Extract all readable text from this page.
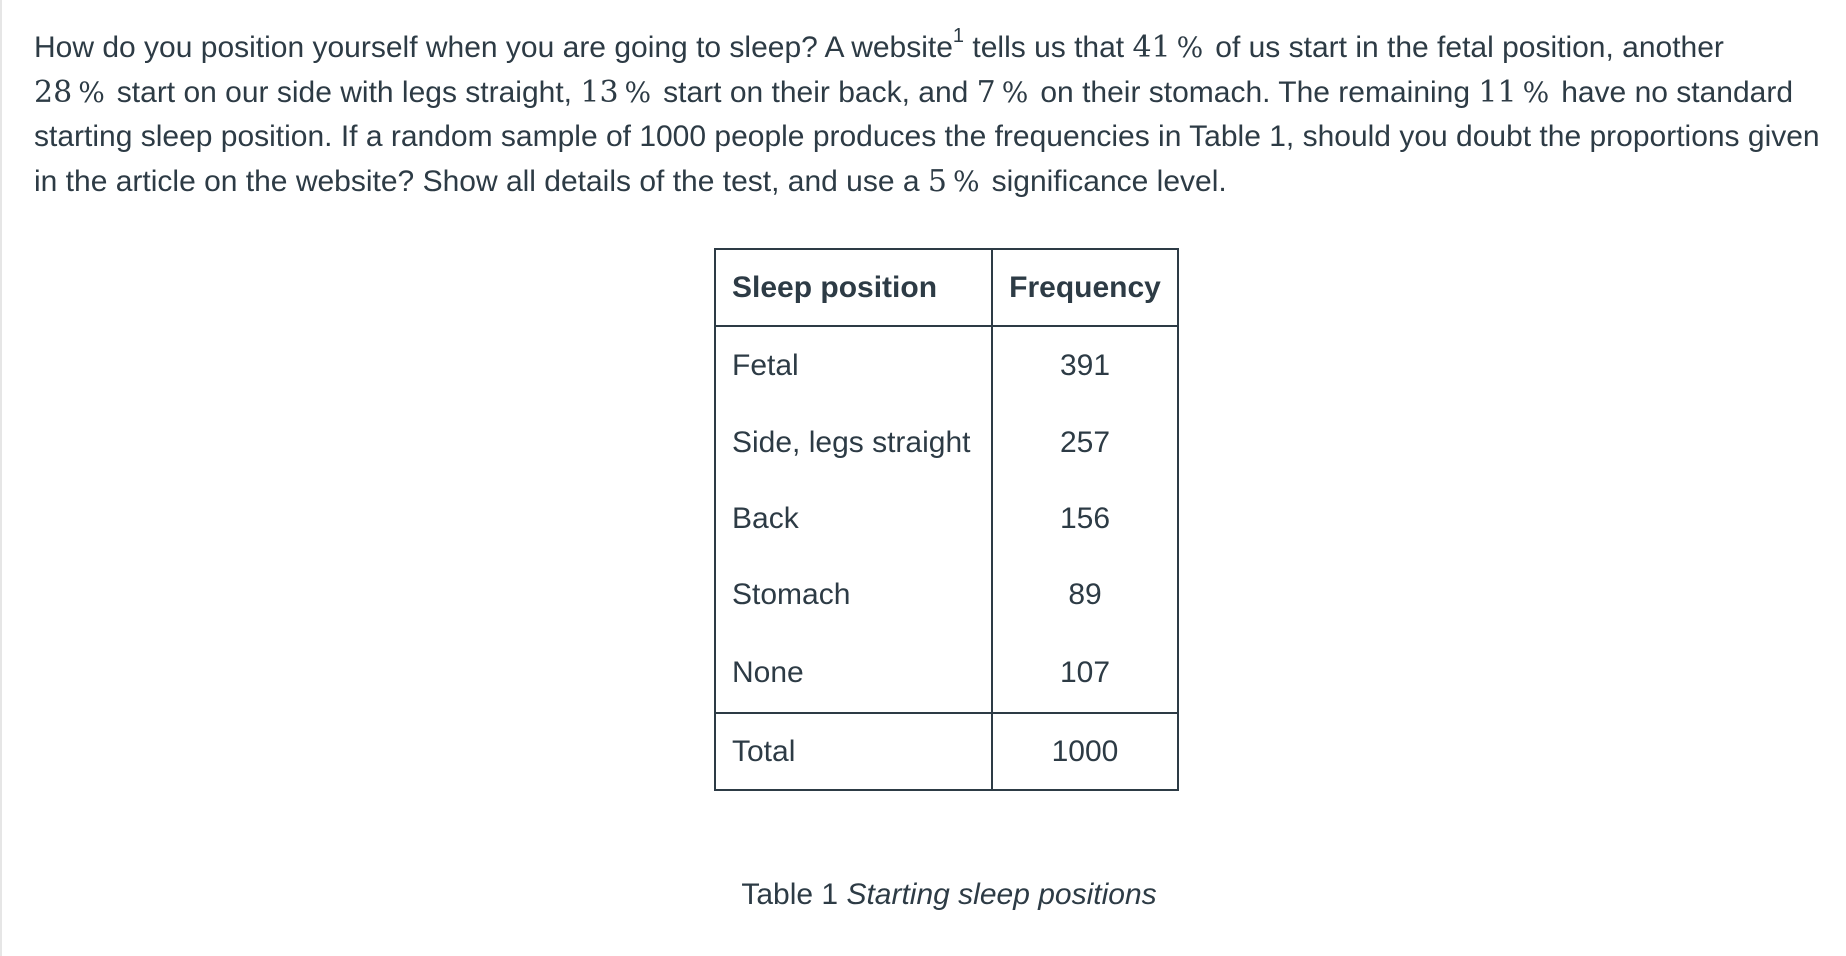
How do you position yourself when you are going to sleep? A website$^1$ tells us that 41 % of us start in the fetal position, another
28 % start on our side with legs straight, 13 % start on their back, and 7 % on their stomach. The remaining 11 % have no standard starting sleep position. If a random sample of 1000 people produces the frequencies in Table 1, should you doubt the proportions given in the article on the website? Show all details of the test, and use a 5 % significance level.

Sleep position	Frequency
Fetal	391
Side, legs straight	257
Back	156
Stomach	89
None	107
Total	1000
Table 1 Starting sleep positions
